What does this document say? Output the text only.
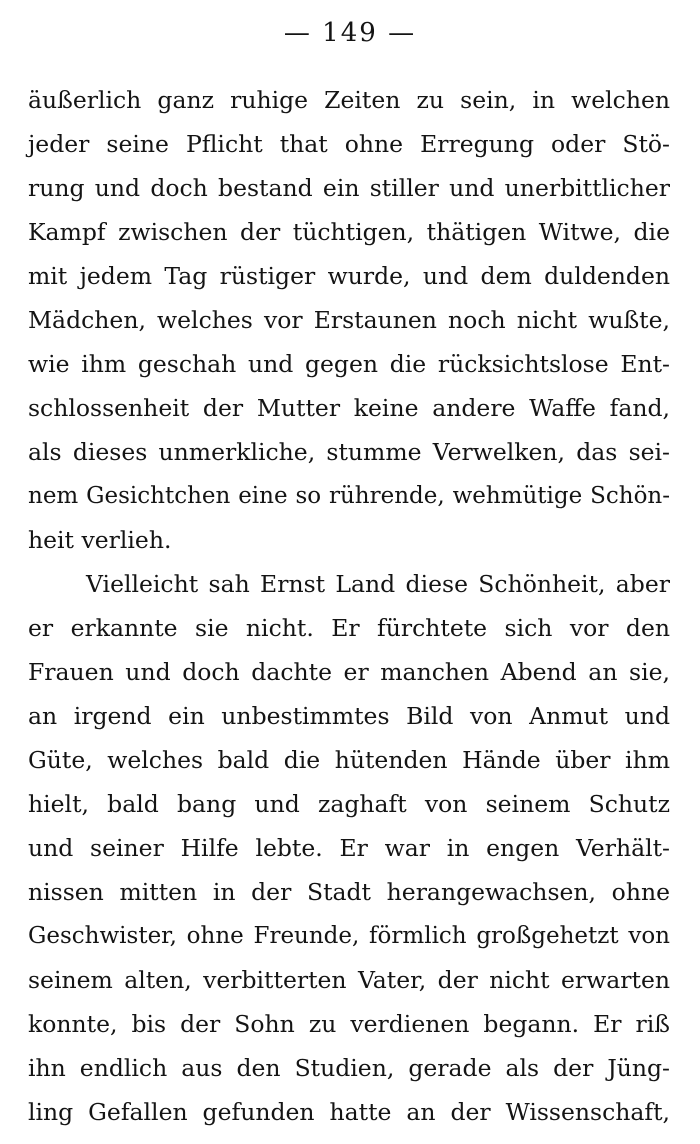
— 149 —
äußerlich ganz ruhige Zeiten zu sein, in welchen
jeder seine Pflicht that ohne Erregung oder Stö-
rung und doch bestand ein stiller und unerbittlicher
Kampf zwischen der tüchtigen, thätigen Witwe, die
mit jedem Tag rüstiger wurde, und dem duldenden
Mädchen, welches vor Erstaunen noch nicht wußte,
wie ihm geschah und gegen die rücksichtslose Ent-
schlossenheit der Mutter keine andere Waffe fand,
als dieses unmerkliche, stumme Verwelken, das sei-
nem Gesichtchen eine so rührende, wehmütige Schön-
heit verlieh.
Vielleicht sah Ernst Land diese Schönheit, aber
er erkannte sie nicht. Er fürchtete sich vor den
Frauen und doch dachte er manchen Abend an sie,
an irgend ein unbestimmtes Bild von Anmut und
Güte, welches bald die hütenden Hände über ihm
hielt, bald bang und zaghaft von seinem Schutz
und seiner Hilfe lebte. Er war in engen Verhält-
nissen mitten in der Stadt herangewachsen, ohne
Geschwister, ohne Freunde, förmlich großgehetzt von
seinem alten, verbitterten Vater, der nicht erwarten
konnte, bis der Sohn zu verdienen begann. Er riß
ihn endlich aus den Studien, gerade als der Jüng-
ling Gefallen gefunden hatte an der Wissenschaft,
